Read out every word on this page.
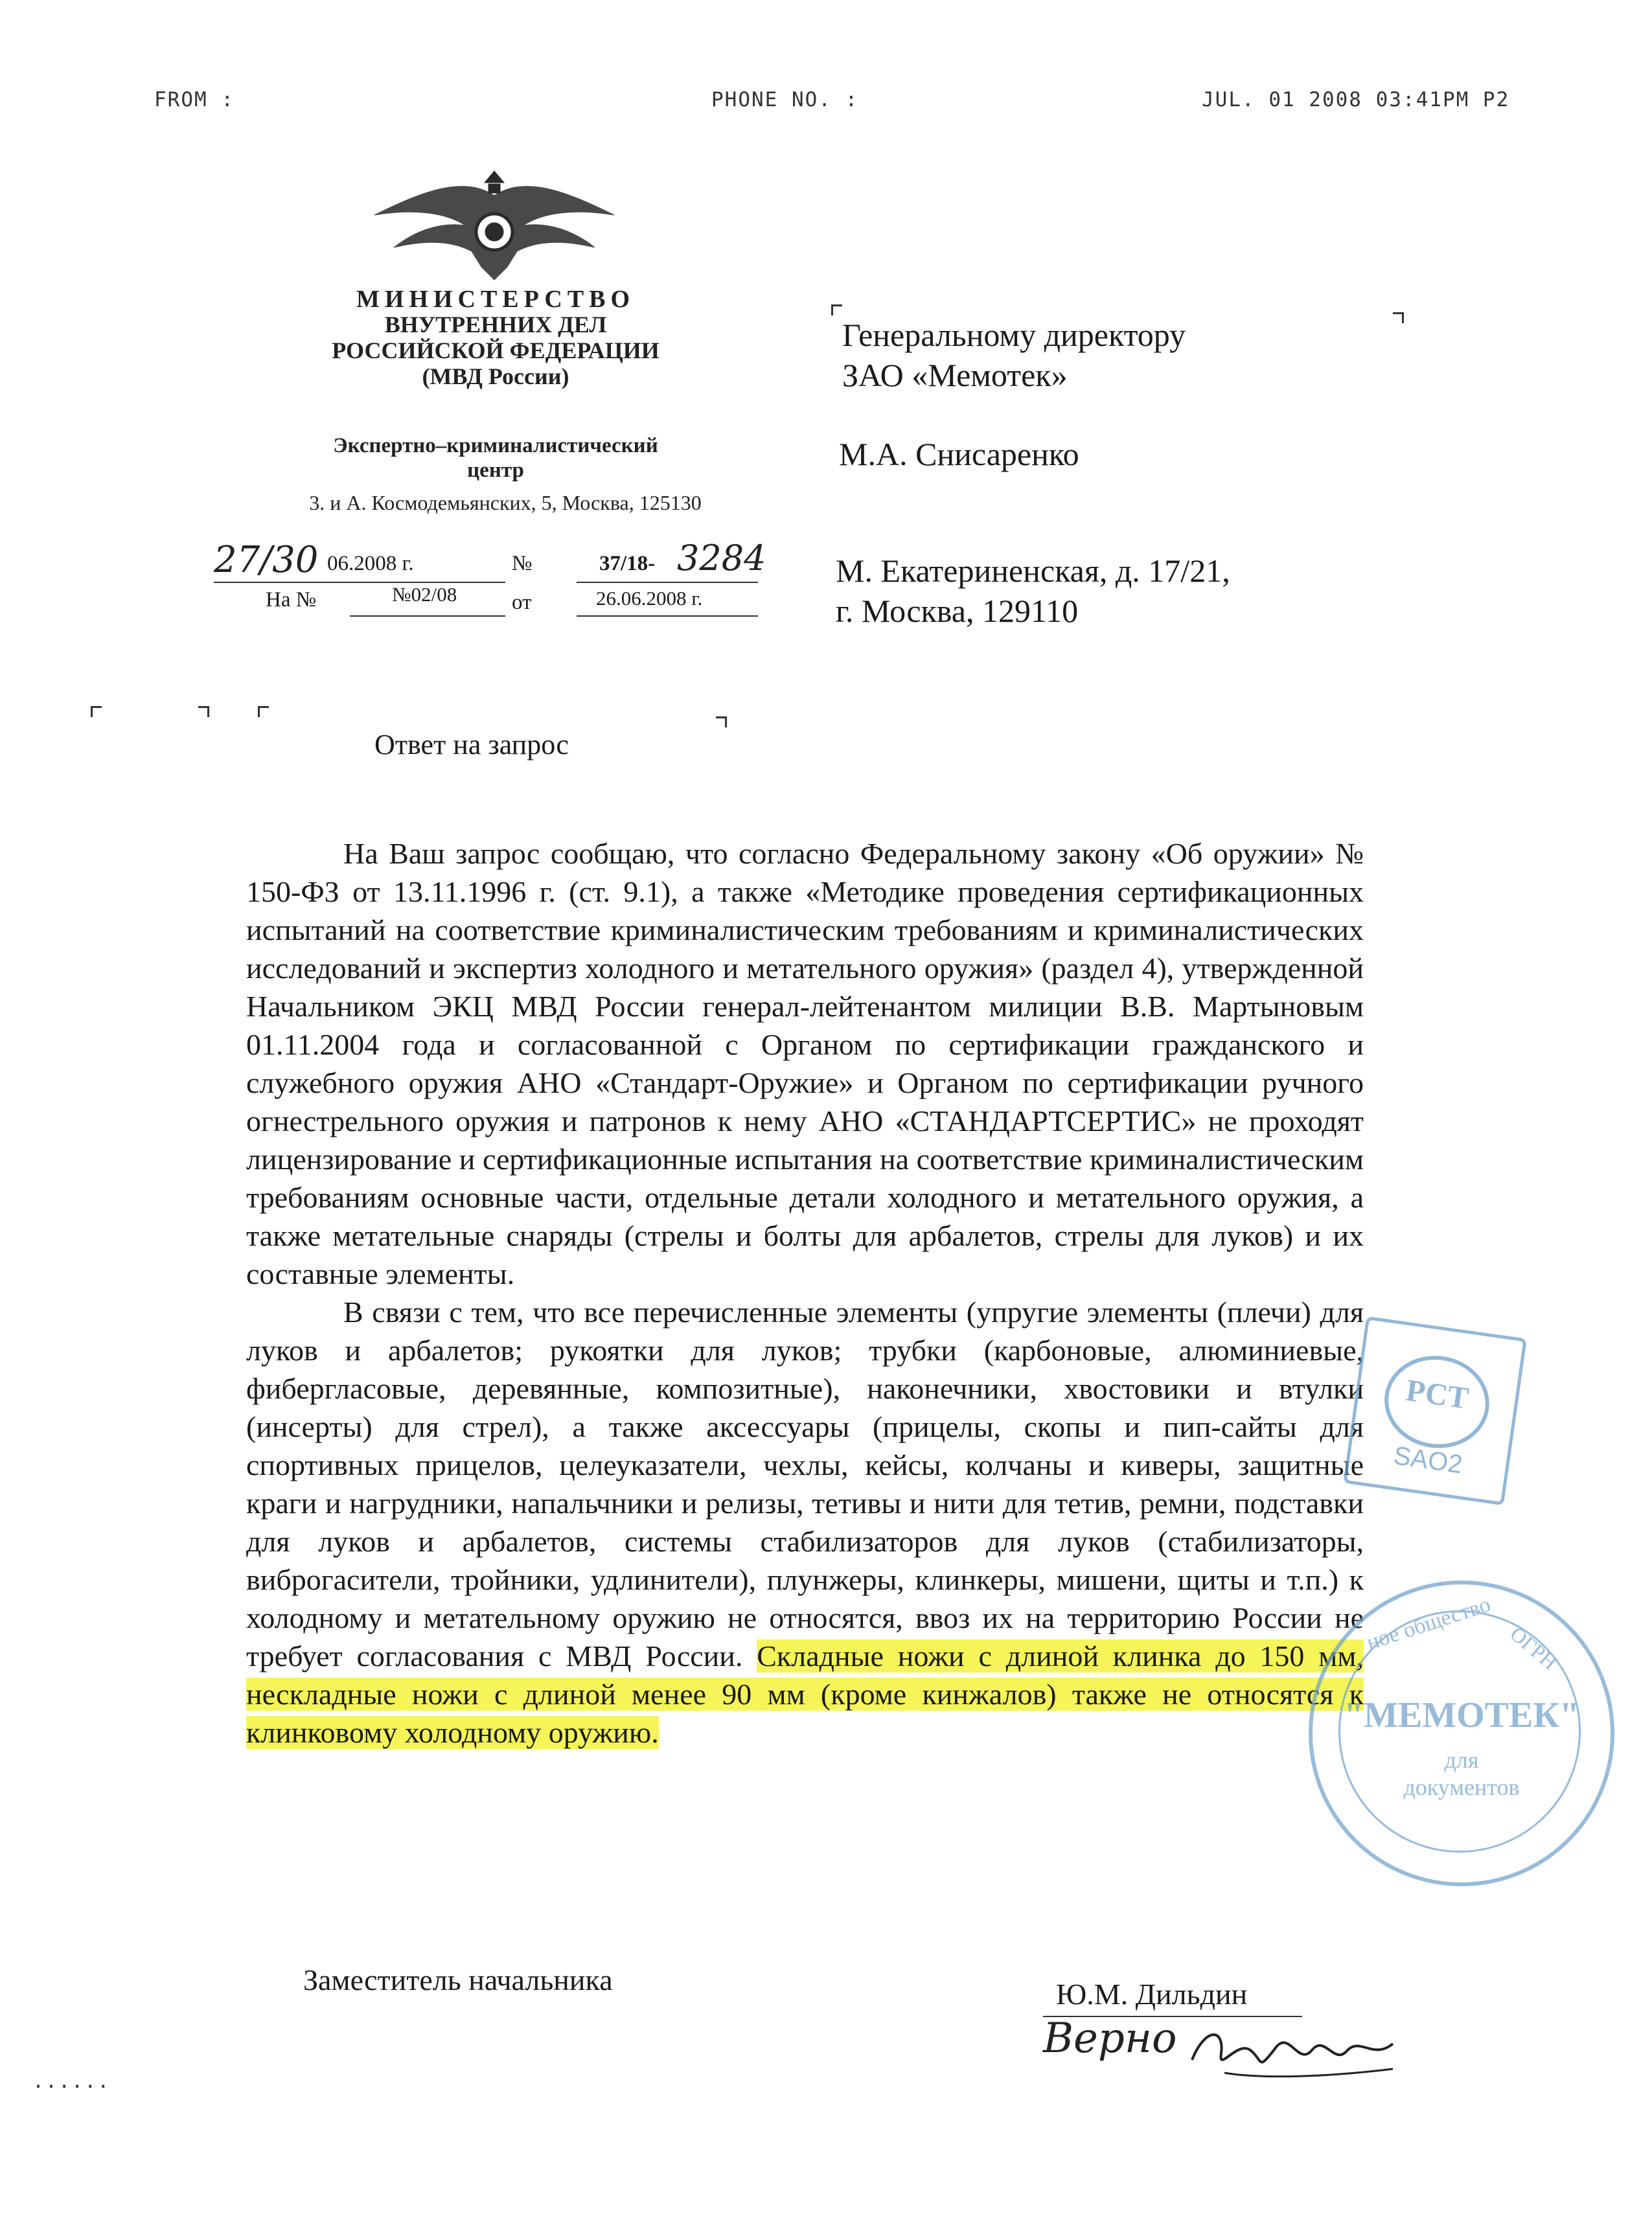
FROM :	PHONE NO. :	JUL. 01 2008 03:41PM P2
МИНИСТЕРСТВО
ВНУТРЕННИХ ДЕЛ
РОССИЙСКОЙ ФЕДЕРАЦИИ
(МВД России)
Экспертно–криминалистический
центр
3. и А. Космодемьянских, 5, Москва, 125130
27/30 06.2008 г.	№	37/18- 3284
На №	№02/08	от	26.06.2008 г.
Генеральному директору
ЗАО «Мемотек»
М.А. Снисаренко
М. Екатериненская, д. 17/21,
г. Москва, 129110
Ответ на запрос

На Ваш запрос сообщаю, что согласно Федеральному закону «Об оружии» № 150-ФЗ от 13.11.1996 г. (ст. 9.1), а также «Методике проведения сертификационных испытаний на соответствие криминалистическим требованиям и криминалистических исследований и экспертиз холодного и метательного оружия» (раздел 4), утвержденной Начальником ЭКЦ МВД России генерал-лейтенантом милиции В.В. Мартыновым 01.11.2004 года и согласованной с Органом по сертификации гражданского и служебного оружия АНО «Стандарт-Оружие» и Органом по сертификации ручного огнестрельного оружия и патронов к нему АНО «СТАНДАРТСЕРТИС» не проходят лицензирование и сертификационные испытания на соответствие криминалистическим требованиям основные части, отдельные детали холодного и метательного оружия, а также метательные снаряды (стрелы и болты для арбалетов, стрелы для луков) и их составные элементы.

В связи с тем, что все перечисленные элементы (упругие элементы (плечи) для луков и арбалетов; рукоятки для луков; трубки (карбоновые, алюминиевые, фибергласовые, деревянные, композитные), наконечники, хвостовики и втулки (инсерты) для стрел), а также аксессуары (прицелы, скопы и пип-сайты для спортивных прицелов, целеуказатели, чехлы, кейсы, колчаны и киверы, защитные краги и нагрудники, напальчники и релизы, тетивы и нити для тетив, ремни, подставки для луков и арбалетов, системы стабилизаторов для луков (стабилизаторы, виброгасители, тройники, удлинители), плунжеры, клинкеры, мишени, щиты и т.п.) к холодному и метательному оружию не относятся, ввоз их на территорию России не требует согласования с МВД России. Складные ножи с длиной клинка до 150 мм, нескладные ножи с длиной менее 90 мм (кроме кинжалов) также не относятся к клинковому холодному оружию.

РСТ
SAO2
ное общество ОГРН
"МЕМОТЕК"
для
документов
Заместитель начальника	Ю.М. Дильдин
Верно
......
